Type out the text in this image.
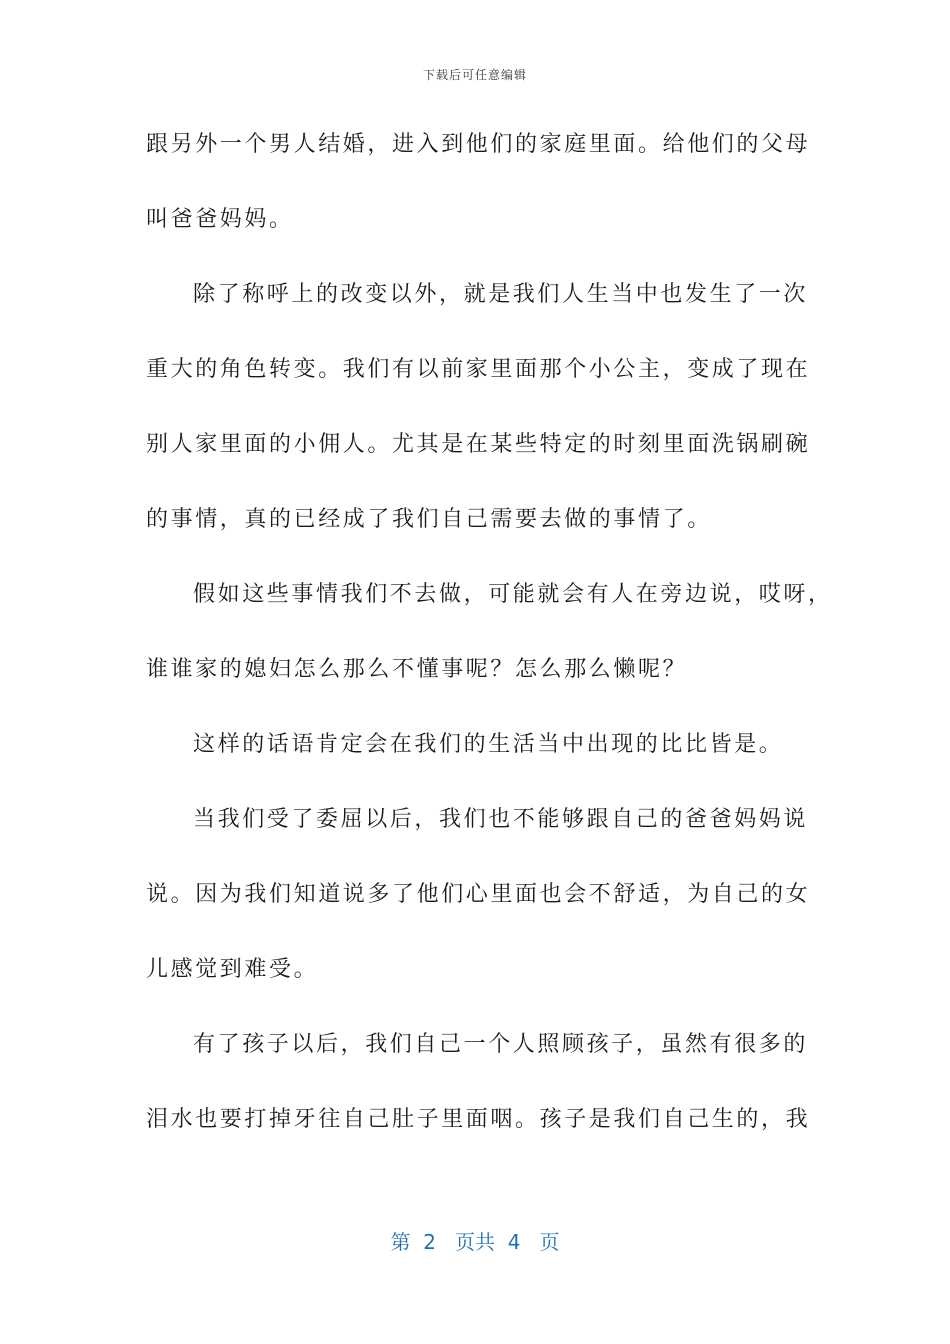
下载后可任意编辑
跟另外一个男人结婚，进入到他们的家庭里面。给他们的父母
叫爸爸妈妈。
除了称呼上的改变以外，就是我们人生当中也发生了一次
重大的角色转变。我们有以前家里面那个小公主，变成了现在
别人家里面的小佣人。尤其是在某些特定的时刻里面洗锅刷碗
的事情，真的已经成了我们自己需要去做的事情了。
假如这些事情我们不去做，可能就会有人在旁边说，哎呀，
谁谁家的媳妇怎么那么不懂事呢？怎么那么懒呢？
这样的话语肯定会在我们的生活当中出现的比比皆是。
当我们受了委屈以后，我们也不能够跟自己的爸爸妈妈说
说。因为我们知道说多了他们心里面也会不舒适，为自己的女
儿感觉到难受。
有了孩子以后，我们自己一个人照顾孩子，虽然有很多的
泪水也要打掉牙往自己肚子里面咽。孩子是我们自己生的，我
第  2   页共  4   页
